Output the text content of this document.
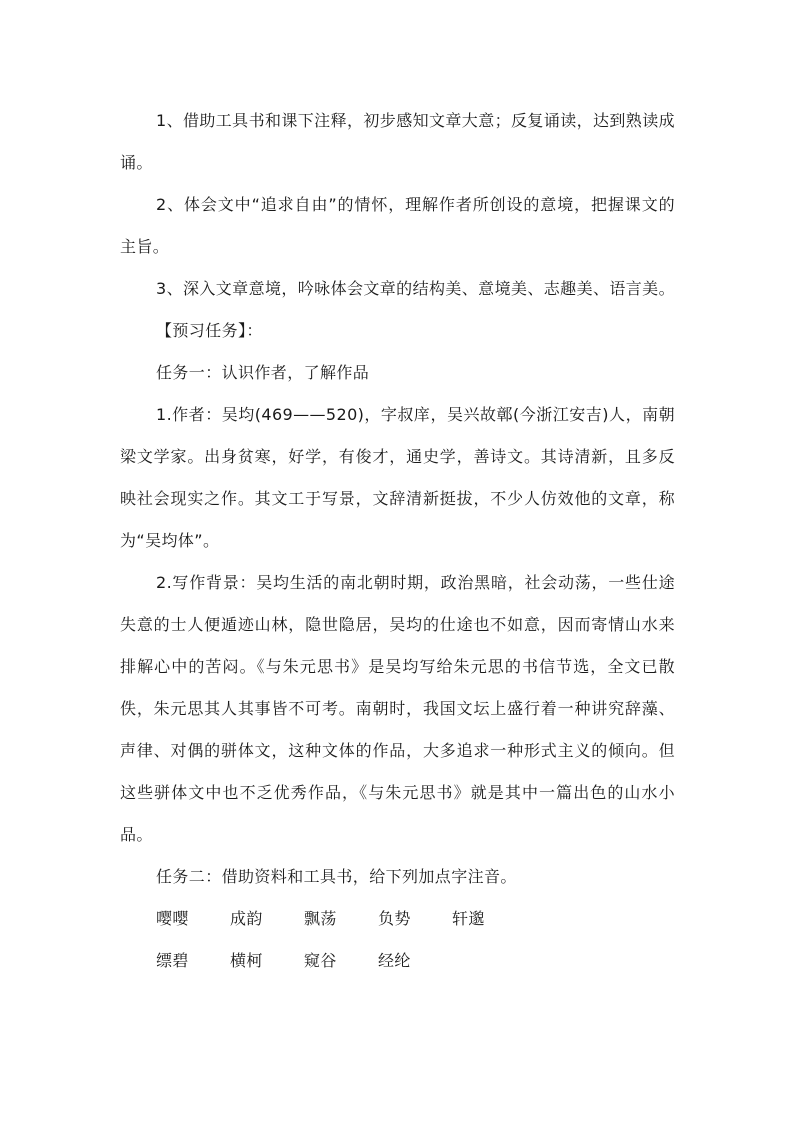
1、借助工具书和课下注释，初步感知文章大意；反复诵读，达到熟读成诵。

2、体会文中“追求自由”的情怀，理解作者所创设的意境，把握课文的主旨。

3、深入文章意境，吟咏体会文章的结构美、意境美、志趣美、语言美。

【预习任务】：

任务一：认识作者，了解作品

1.作者：吴均(469——520)，字叔庠，吴兴故鄣(今浙江安吉)人，南朝梁文学家。出身贫寒，好学，有俊才，通史学，善诗文。其诗清新，且多反映社会现实之作。其文工于写景，文辞清新挺拔，不少人仿效他的文章，称为“吴均体”。

2.写作背景：吴均生活的南北朝时期，政治黑暗，社会动荡，一些仕途失意的士人便遁迹山林，隐世隐居，吴均的仕途也不如意，因而寄情山水来排解心中的苦闷。《与朱元思书》是吴均写给朱元思的书信节选，全文已散佚，朱元思其人其事皆不可考。南朝时，我国文坛上盛行着一种讲究辞藻、声律、对偶的骈体文，这种文体的作品，大多追求一种形式主义的倾向。但这些骈体文中也不乏优秀作品，《与朱元思书》就是其中一篇出色的山水小品。

任务二：借助资料和工具书，给下列加点字注音。

嘤嘤	成韵	飘荡	负势	轩邈
缥碧	横柯	窥谷	经纶
